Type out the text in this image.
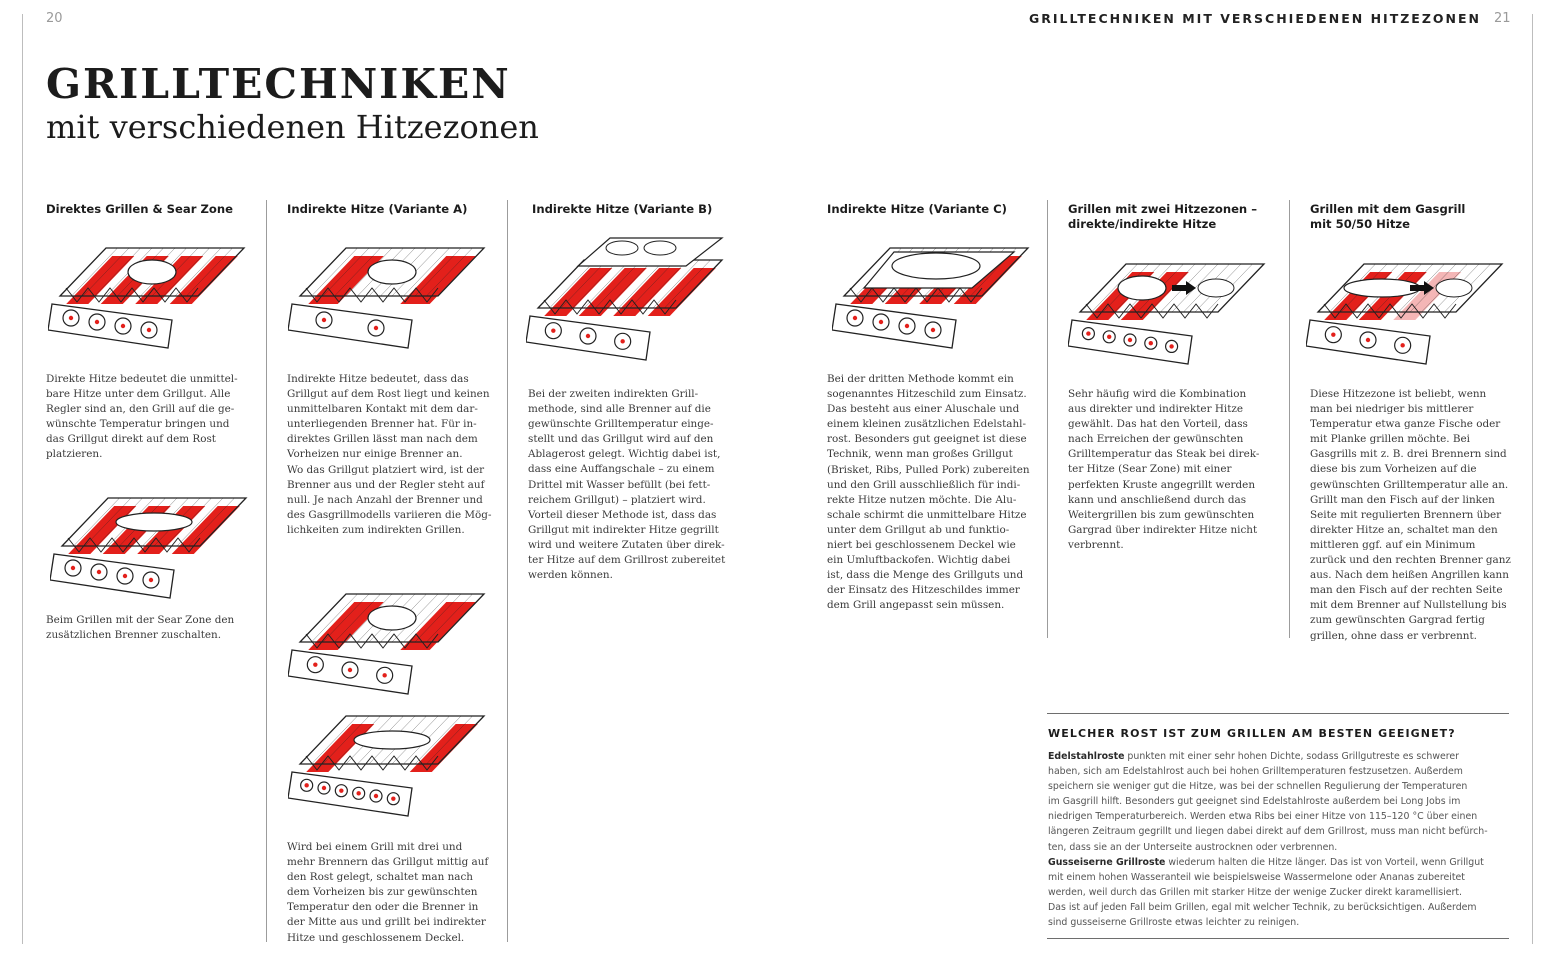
20	GRILLTECHNIKEN MIT VERSCHIEDENEN HITZEZONEN 21
GRILLTECHNIKEN
mit verschiedenen Hitzezonen
Direktes Grillen & Sear Zone
Direkte Hitze bedeutet die unmittel-
bare Hitze unter dem Grillgut. Alle
Regler sind an, den Grill auf die ge-
wünschte Temperatur bringen und
das Grillgut direkt auf dem Rost
platzieren.
Beim Grillen mit der Sear Zone den
zusätzlichen Brenner zuschalten.
Indirekte Hitze (Variante A)
Indirekte Hitze bedeutet, dass das
Grillgut auf dem Rost liegt und keinen
unmittelbaren Kontakt mit dem dar-
unterliegenden Brenner hat. Für in-
direktes Grillen lässt man nach dem
Vorheizen nur einige Brenner an.
Wo das Grillgut platziert wird, ist der
Brenner aus und der Regler steht auf
null. Je nach Anzahl der Brenner und
des Gasgrillmodells variieren die Mög-
lichkeiten zum indirekten Grillen.
Wird bei einem Grill mit drei und
mehr Brennern das Grillgut mittig auf
den Rost gelegt, schaltet man nach
dem Vorheizen bis zur gewünschten
Temperatur den oder die Brenner in
der Mitte aus und grillt bei indirekter
Hitze und geschlossenem Deckel.
Indirekte Hitze (Variante B)
Bei der zweiten indirekten Grill-
methode, sind alle Brenner auf die
gewünschte Grilltemperatur einge-
stellt und das Grillgut wird auf den
Ablagerost gelegt. Wichtig dabei ist,
dass eine Auffangschale – zu einem
Drittel mit Wasser befüllt (bei fett-
reichem Grillgut) – platziert wird.
Vorteil dieser Methode ist, dass das
Grillgut mit indirekter Hitze gegrillt
wird und weitere Zutaten über direk-
ter Hitze auf dem Grillrost zubereitet
werden können.
Indirekte Hitze (Variante C)
Bei der dritten Methode kommt ein
sogenanntes Hitzeschild zum Einsatz.
Das besteht aus einer Aluschale und
einem kleinen zusätzlichen Edelstahl-
rost. Besonders gut geeignet ist diese
Technik, wenn man großes Grillgut
(Brisket, Ribs, Pulled Pork) zubereiten
und den Grill ausschließlich für indi-
rekte Hitze nutzen möchte. Die Alu-
schale schirmt die unmittelbare Hitze
unter dem Grillgut ab und funktio-
niert bei geschlossenem Deckel wie
ein Umluftbackofen. Wichtig dabei
ist, dass die Menge des Grillguts und
der Einsatz des Hitzeschildes immer
dem Grill angepasst sein müssen.
Grillen mit zwei Hitzezonen –
direkte/indirekte Hitze
Sehr häufig wird die Kombination
aus direkter und indirekter Hitze
gewählt. Das hat den Vorteil, dass
nach Erreichen der gewünschten
Grilltemperatur das Steak bei direk-
ter Hitze (Sear Zone) mit einer
perfekten Kruste angegrillt werden
kann und anschließend durch das
Weitergrillen bis zum gewünschten
Gargrad über indirekter Hitze nicht
verbrennt.
Grillen mit dem Gasgrill
mit 50/50 Hitze
Diese Hitzezone ist beliebt, wenn
man bei niedriger bis mittlerer
Temperatur etwa ganze Fische oder
mit Planke grillen möchte. Bei
Gasgrills mit z. B. drei Brennern sind
diese bis zum Vorheizen auf die
gewünschten Grilltemperatur alle an.
Grillt man den Fisch auf der linken
Seite mit regulierten Brennern über
direkter Hitze an, schaltet man den
mittleren ggf. auf ein Minimum
zurück und den rechten Brenner ganz
aus. Nach dem heißen Angrillen kann
man den Fisch auf der rechten Seite
mit dem Brenner auf Nullstellung bis
zum gewünschten Gargrad fertig
grillen, ohne dass er verbrennt.
WELCHER ROST IST ZUM GRILLEN AM BESTEN GEEIGNET?
Edelstahlroste punkten mit einer sehr hohen Dichte, sodass Grillgutreste es schwerer
haben, sich am Edelstahlrost auch bei hohen Grilltemperaturen festzusetzen. Außerdem
speichern sie weniger gut die Hitze, was bei der schnellen Regulierung der Temperaturen
im Gasgrill hilft. Besonders gut geeignet sind Edelstahlroste außerdem bei Long Jobs im
niedrigen Temperaturbereich. Werden etwa Ribs bei einer Hitze von 115–120 °C über einen
längeren Zeitraum gegrillt und liegen dabei direkt auf dem Grillrost, muss man nicht befürch-
ten, dass sie an der Unterseite austrocknen oder verbrennen.
Gusseiserne Grillroste wiederum halten die Hitze länger. Das ist von Vorteil, wenn Grillgut
mit einem hohen Wasseranteil wie beispielsweise Wassermelone oder Ananas zubereitet
werden, weil durch das Grillen mit starker Hitze der wenige Zucker direkt karamellisiert.
Das ist auf jeden Fall beim Grillen, egal mit welcher Technik, zu berücksichtigen. Außerdem
sind gusseiserne Grillroste etwas leichter zu reinigen.
